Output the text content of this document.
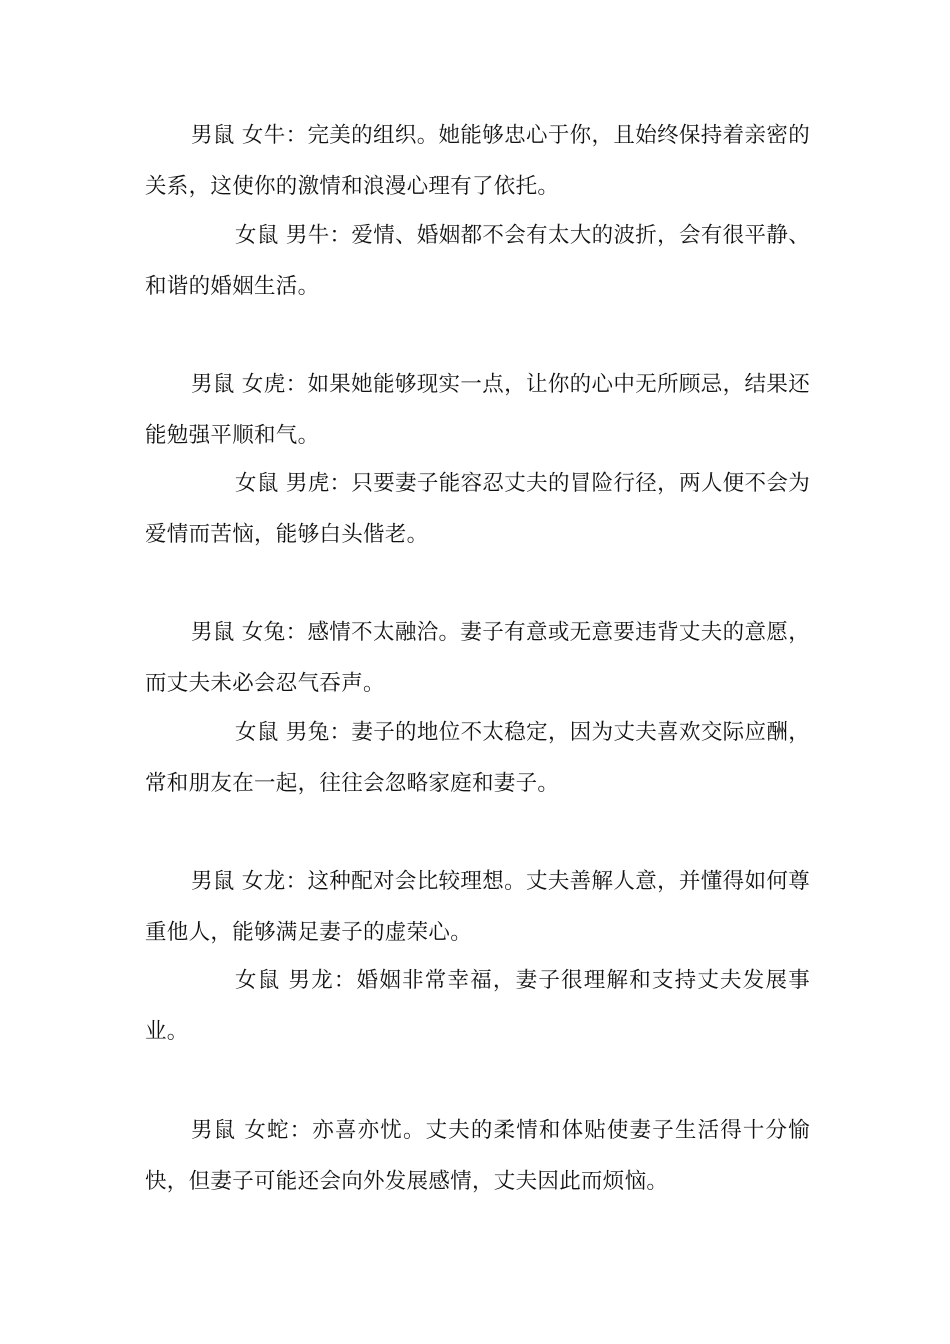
男鼠 女牛：完美的组织。她能够忠心于你，且始终保持着亲密的关系，这使你的激情和浪漫心理有了依托。

女鼠 男牛：爱情、婚姻都不会有太大的波折，会有很平静、和谐的婚姻生活。

男鼠 女虎：如果她能够现实一点，让你的心中无所顾忌，结果还能勉强平顺和气。

女鼠 男虎：只要妻子能容忍丈夫的冒险行径，两人便不会为爱情而苦恼，能够白头偕老。

男鼠 女兔：感情不太融洽。妻子有意或无意要违背丈夫的意愿，而丈夫未必会忍气吞声。

女鼠 男兔：妻子的地位不太稳定，因为丈夫喜欢交际应酬，常和朋友在一起，往往会忽略家庭和妻子。

男鼠 女龙：这种配对会比较理想。丈夫善解人意，并懂得如何尊重他人，能够满足妻子的虚荣心。

女鼠 男龙：婚姻非常幸福，妻子很理解和支持丈夫发展事业。

男鼠 女蛇：亦喜亦忧。丈夫的柔情和体贴使妻子生活得十分愉快，但妻子可能还会向外发展感情，丈夫因此而烦恼。
